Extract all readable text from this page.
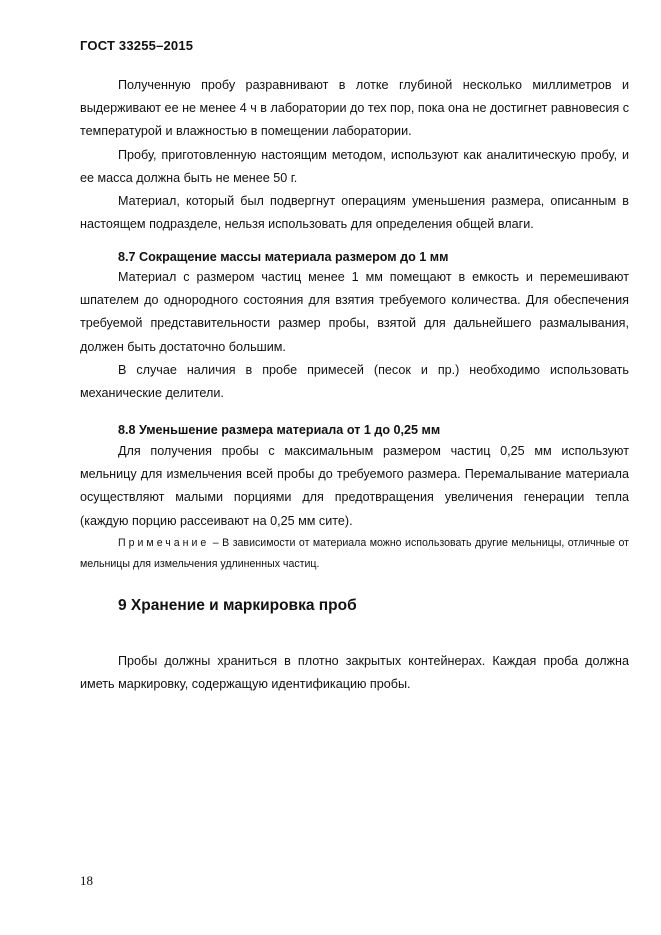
ГОСТ 33255–2015

Полученную пробу разравнивают в лотке глубиной несколько миллиметров и выдерживают ее не менее 4 ч в лаборатории до тех пор, пока она не достигнет равновесия с температурой и влажностью в помещении лаборатории.

Пробу, приготовленную настоящим методом, используют как аналитическую пробу, и ее масса должна быть не менее 50 г.

Материал, который был подвергнут операциям уменьшения размера, описанным в настоящем подразделе, нельзя использовать для определения общей влаги.

8.7 Сокращение массы материала размером до 1 мм

Материал с размером частиц менее 1 мм помещают в емкость и перемешивают шпателем до однородного состояния для взятия требуемого количества. Для обеспечения требуемой представительности размер пробы, взятой для дальнейшего размалывания, должен быть достаточно большим.

В случае наличия в пробе примесей (песок и пр.) необходимо использовать механические делители.

8.8 Уменьшение размера материала от 1 до 0,25 мм

Для получения пробы с максимальным размером частиц 0,25 мм используют мельницу для измельчения всей пробы до требуемого размера. Перемалывание материала осуществляют малыми порциями для предотвращения увеличения генерации тепла (каждую порцию рассеивают на 0,25 мм сите).

Примечание – В зависимости от материала можно использовать другие мельницы, отличные от мельницы для измельчения удлиненных частиц.

9 Хранение и маркировка проб

Пробы должны храниться в плотно закрытых контейнерах. Каждая проба должна иметь маркировку, содержащую идентификацию пробы.

18
